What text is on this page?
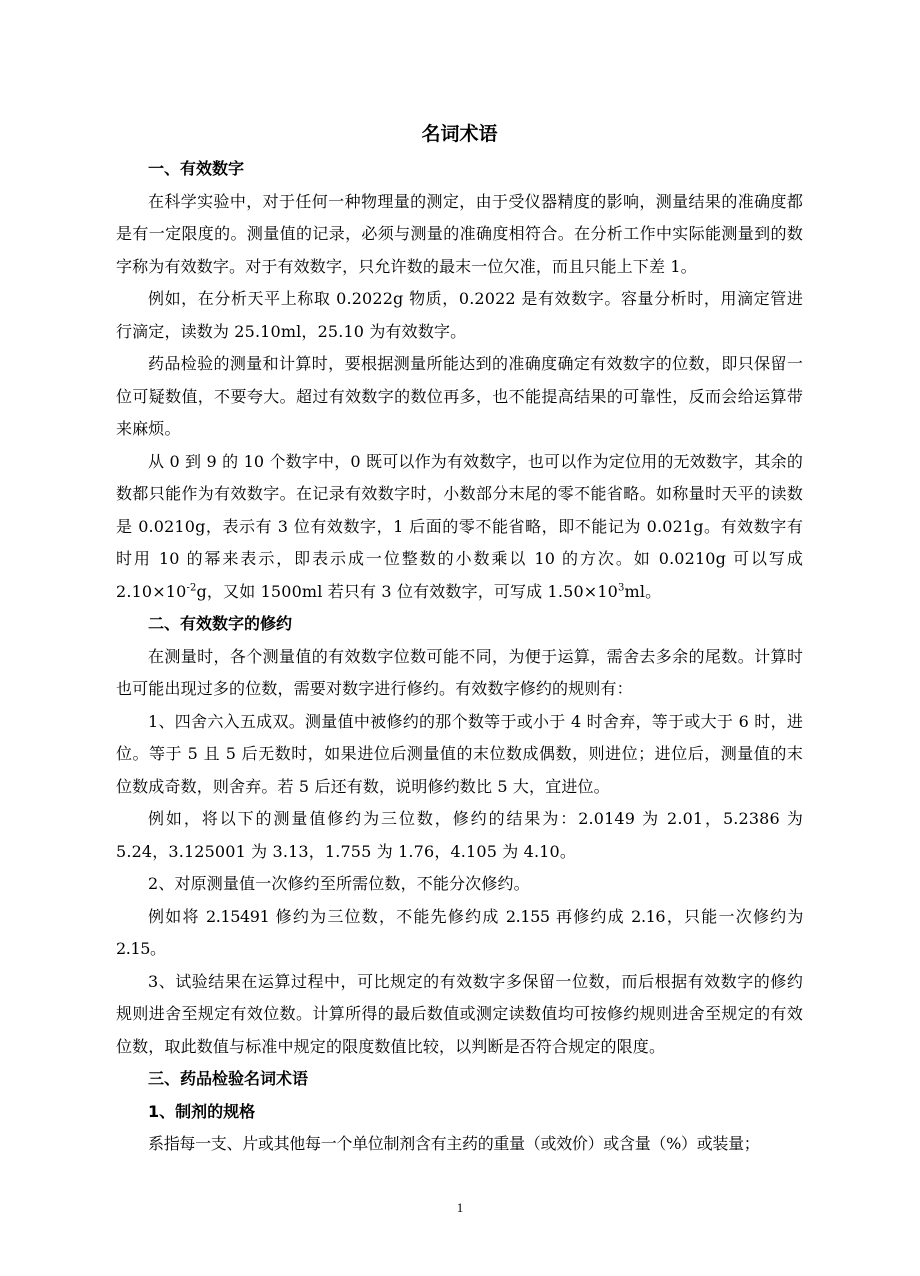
名词术语
一、有效数字

在科学实验中，对于任何一种物理量的测定，由于受仪器精度的影响，测量结果的准确度都是有一定限度的。测量值的记录，必须与测量的准确度相符合。在分析工作中实际能测量到的数字称为有效数字。对于有效数字，只允许数的最末一位欠准，而且只能上下差 1。

例如，在分析天平上称取 0.2022g 物质，0.2022 是有效数字。容量分析时，用滴定管进行滴定，读数为 25.10ml，25.10 为有效数字。

药品检验的测量和计算时，要根据测量所能达到的准确度确定有效数字的位数，即只保留一位可疑数值，不要夸大。超过有效数字的数位再多，也不能提高结果的可靠性，反而会给运算带来麻烦。

从 0 到 9 的 10 个数字中，0 既可以作为有效数字，也可以作为定位用的无效数字，其余的数都只能作为有效数字。在记录有效数字时，小数部分末尾的零不能省略。如称量时天平的读数是 0.0210g，表示有 3 位有效数字，1 后面的零不能省略，即不能记为 0.021g。有效数字有时用 10 的幂来表示，即表示成一位整数的小数乘以 10 的方次。如 0.0210g 可以写成 $2.10\times 10^{-2}g$，又如 1500ml 若只有 3 位有效数字，可写成 $1.50\times 10^3ml$。

二、有效数字的修约

在测量时，各个测量值的有效数字位数可能不同，为便于运算，需舍去多余的尾数。计算时也可能出现过多的位数，需要对数字进行修约。有效数字修约的规则有：

1、四舍六入五成双。测量值中被修约的那个数等于或小于 4 时舍弃，等于或大于 6 时，进位。等于 5 且 5 后无数时，如果进位后测量值的末位数成偶数，则进位；进位后，测量值的末位数成奇数，则舍弃。若 5 后还有数，说明修约数比 5 大，宜进位。

例如，将以下的测量值修约为三位数，修约的结果为：2.0149 为 2.01，5.2386 为 5.24，3.125001 为 3.13，1.755 为 1.76，4.105 为 4.10。

2、对原测量值一次修约至所需位数，不能分次修约。

例如将 2.15491 修约为三位数，不能先修约成 2.155 再修约成 2.16，只能一次修约为 2.15。

3、试验结果在运算过程中，可比规定的有效数字多保留一位数，而后根据有效数字的修约规则进舍至规定有效位数。计算所得的最后数值或测定读数值均可按修约规则进舍至规定的有效位数，取此数值与标准中规定的限度数值比较，以判断是否符合规定的限度。

三、药品检验名词术语
1、制剂的规格

系指每一支、片或其他每一个单位制剂含有主药的重量（或效价）或含量（%）或装量；

1
